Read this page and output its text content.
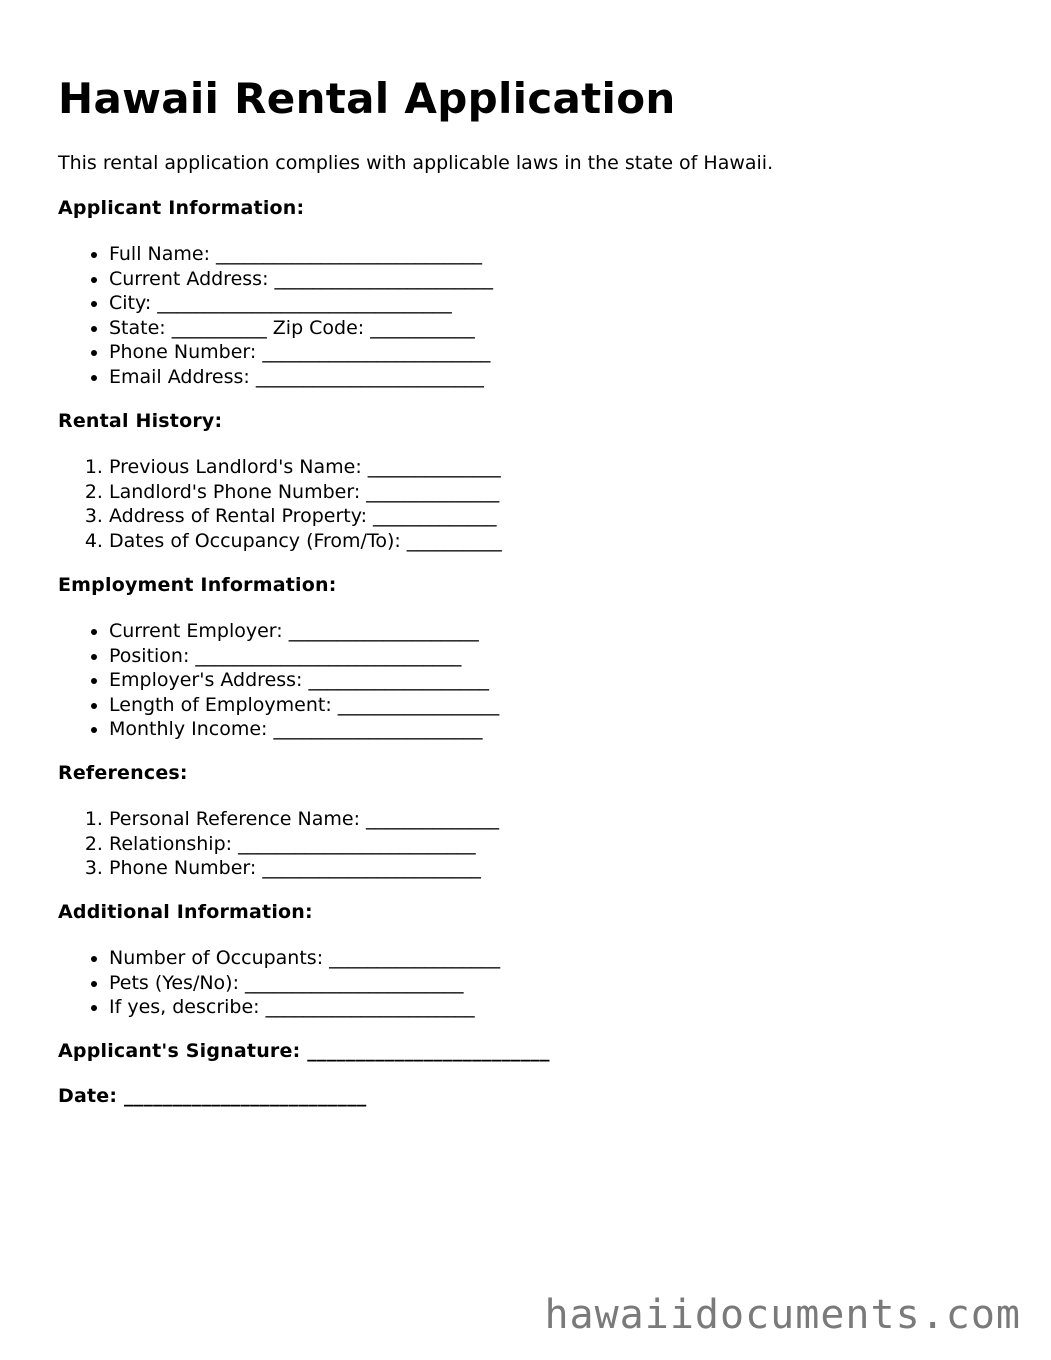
Hawaii Rental Application

This rental application complies with applicable laws in the state of Hawaii.

Applicant Information:
• Full Name: ____________________________
• Current Address: _______________________
• City: _______________________________
• State: __________ Zip Code: ___________
• Phone Number: ________________________
• Email Address: ________________________
Rental History:
1. Previous Landlord's Name: ______________
2. Landlord's Phone Number: ______________
3. Address of Rental Property: _____________
4. Dates of Occupancy (From/To): __________
Employment Information:
• Current Employer: ____________________
• Position: ____________________________
• Employer's Address: ___________________
• Length of Employment: _________________
• Monthly Income: ______________________
References:
1. Personal Reference Name: ______________
2. Relationship: _________________________
3. Phone Number: _______________________
Additional Information:
• Number of Occupants: __________________
• Pets (Yes/No): _______________________
• If yes, describe: ______________________

Applicant's Signature: _________________________

Date: _________________________

hawaiidocuments.com
